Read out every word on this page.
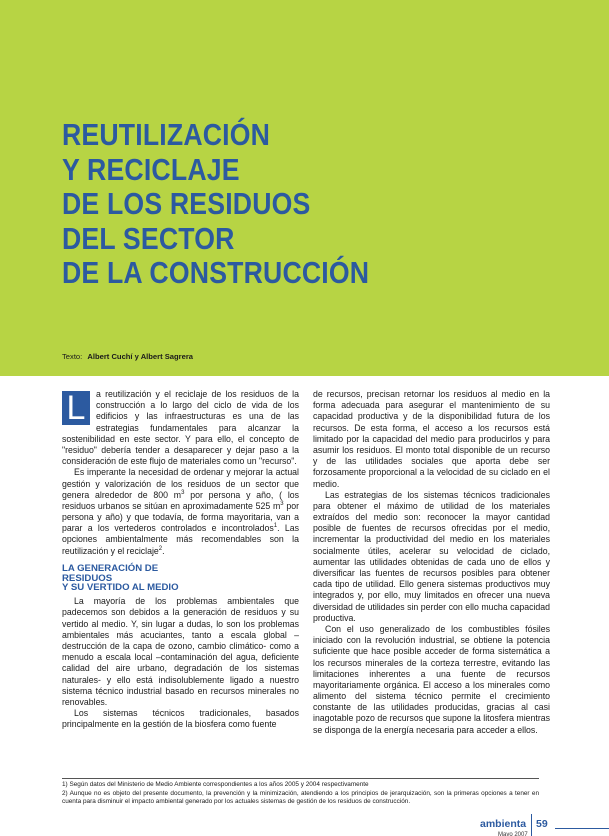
REUTILIZACIÓN
Y RECICLAJE
DE LOS RESIDUOS
DEL SECTOR
DE LA CONSTRUCCIÓN
Texto: Albert Cuchí y Albert Sagrera
L	a reutilización y el reciclaje de los residuos de la construcción a lo largo del ciclo de vida de los edificios y las infraestructuras es una de las estrategias fundamentales para alcanzar la sostenibilidad en este sector. Y para ello, el concepto de "residuo" debería tender a desaparecer y dejar paso a la consideración de este flujo de materiales como un "recurso".

Es imperante la necesidad de ordenar y mejorar la actual gestión y valorización de los residuos de un sector que genera alrededor de 800 $m^3$ por persona y año, ( los residuos urbanos se sitúan en aproximadamente 525 $m^3$ por persona y año) y que todavía, de forma mayoritaria, van a parar a los vertederos controlados e incontrolados$^1$. Las opciones ambientalmente más recomendables son la reutilización y el reciclaje$^2$.

LA GENERACIÓN DE
RESIDUOS
Y SU VERTIDO AL MEDIO

La mayoría de los problemas ambientales que padecemos son debidos a la generación de residuos y su vertido al medio. Y, sin lugar a dudas, lo son los problemas ambientales más acuciantes, tanto a escala global –destrucción de la capa de ozono, cambio climático- como a menudo a escala local –contaminación del agua, deficiente calidad del aire urbano, degradación de los sistemas naturales- y ello está indisolublemente ligado a nuestro sistema técnico industrial basado en recursos minerales no renovables.

Los sistemas técnicos tradicionales, basados principalmente en la gestión de la biosfera como fuente

de recursos, precisan retornar los residuos al medio en la forma adecuada para asegurar el mantenimiento de su capacidad productiva y de la disponibilidad futura de los recursos. De esta forma, el acceso a los recursos está limitado por la capacidad del medio para producirlos y para asumir los residuos. El monto total disponible de un recurso y de las utilidades sociales que aporta debe ser forzosamente proporcional a la velocidad de su ciclado en el medio.

Las estrategias de los sistemas técnicos tradicionales para obtener el máximo de utilidad de los materiales extraídos del medio son: reconocer la mayor cantidad posible de fuentes de recursos ofrecidas por el medio, incrementar la productividad del medio en los materiales socialmente útiles, acelerar su velocidad de ciclado, aumentar las utilidades obtenidas de cada uno de ellos y diversificar las fuentes de recursos posibles para obtener cada tipo de utilidad. Ello genera sistemas productivos muy integrados y, por ello, muy limitados en ofrecer una nueva diversidad de utilidades sin perder con ello mucha capacidad productiva.

Con el uso generalizado de los combustibles fósiles iniciado con la revolución industrial, se obtiene la potencia suficiente que hace posible acceder de forma sistemática a los recursos minerales de la corteza terrestre, evitando las limitaciones inherentes a una fuente de recursos mayoritariamente orgánica. El acceso a los minerales como alimento del sistema técnico permite el crecimiento constante de las utilidades producidas, gracias al casi inagotable pozo de recursos que supone la litosfera mientras se disponga de la energía necesaria para acceder a ellos.

1) Según datos del Ministerio de Medio Ambiente correspondientes a los años 2005 y 2004 respectivamente

2) Aunque no es objeto del presente documento, la prevención y la minimización, atendiendo a los principios de jerarquización, son la primeras opciones a tener en cuenta para disminuir el impacto ambiental generado por los actuales sistemas de gestión de los residuos de construcción.

ambienta
Mayo 2007
59
